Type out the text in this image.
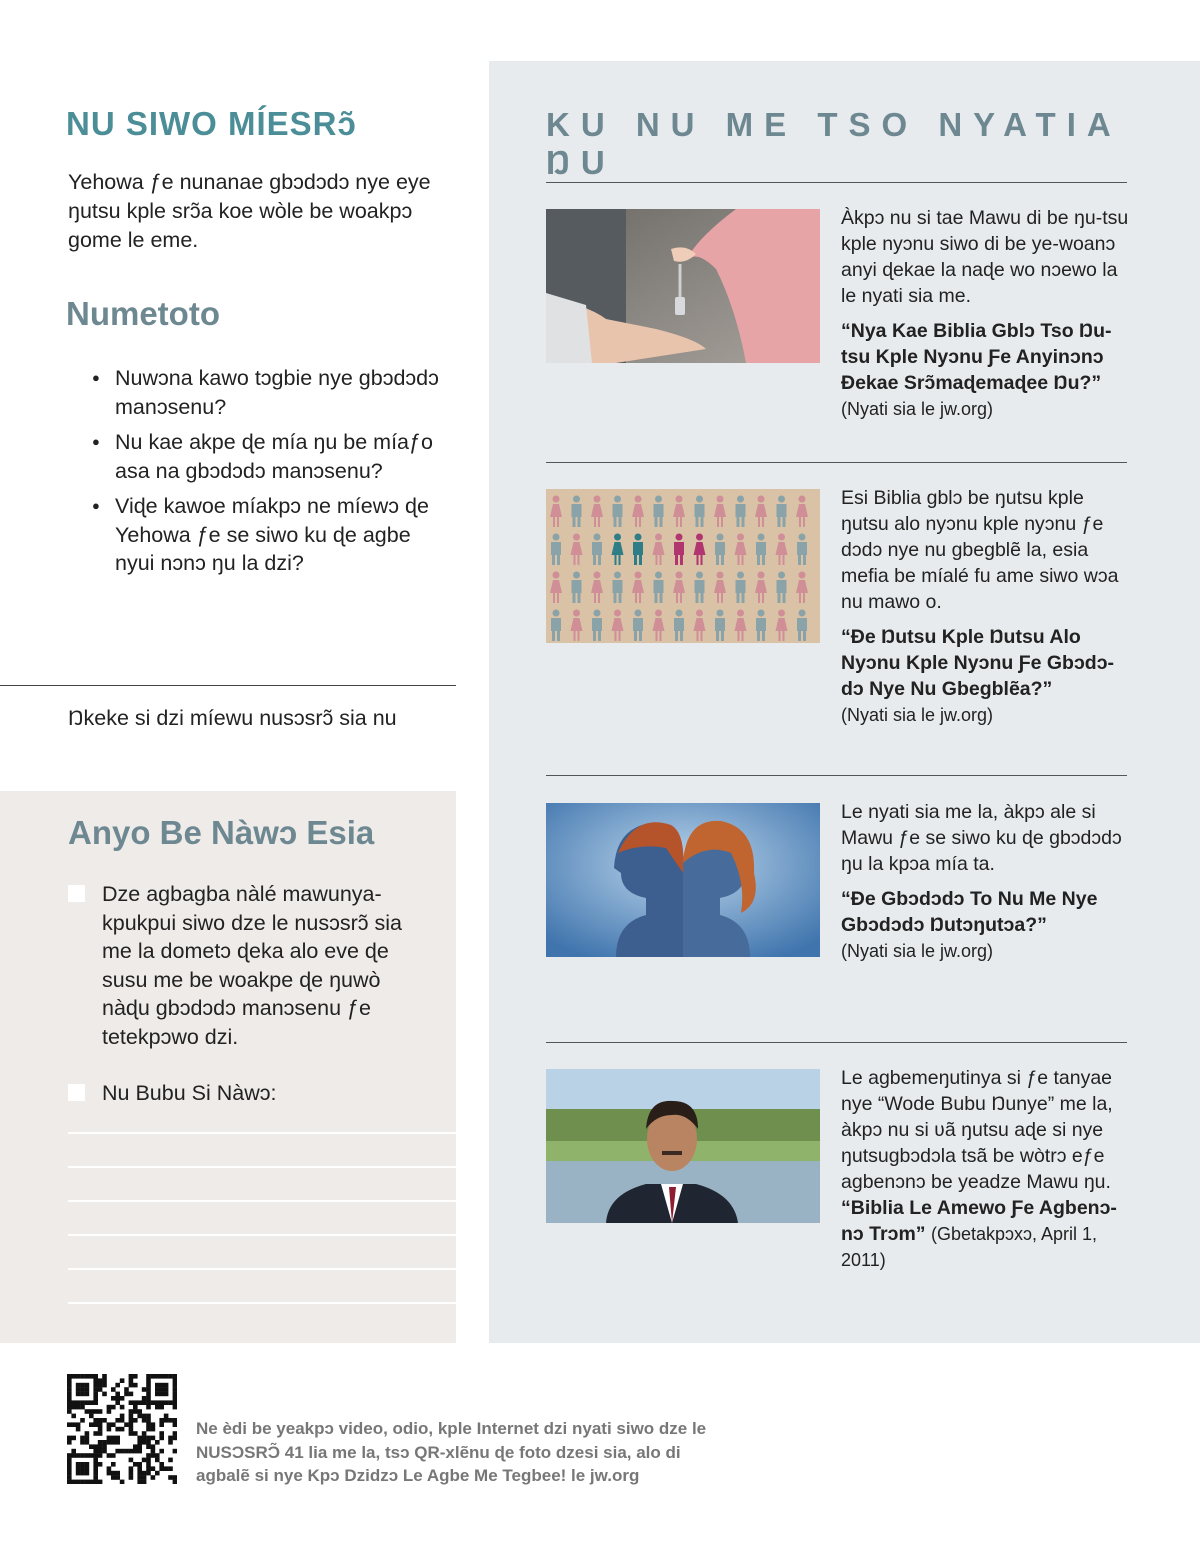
NU SIWO MÍESRɔ̃
Yehowa ƒe nunanae gbɔdɔdɔ nye eye ŋutsu kple srɔ̃a koe wòle be woakpɔ gome le eme.
Numetoto
● Nuwɔna kawo tɔgbie nye gbɔdɔdɔ manɔsenu?
● Nu kae akpe ɖe mía ŋu be míaƒo asa na gbɔdɔdɔ manɔsenu?
● Viɖe kawoe míakpɔ ne míewɔ ɖe Yehowa ƒe se siwo ku ɖe agbe nyui nɔnɔ ŋu la dzi?
Ŋkeke si dzi míewu nusɔsrɔ̃ sia nu
Anyo Be Nàwɔ Esia
Dze agbagba nàlé mawunya-kpukpui siwo dze le nusɔsrɔ̃ sia me la dometɔ ɖeka alo eve ɖe susu me be woakpe ɖe ŋuwò nàɖu gbɔdɔdɔ manɔsenu ƒe tetekpɔwo dzi.
Nu Bubu Si Nàwɔ:
KU NU ME TSO NYATIA ŊU
Àkpɔ nu si tae Mawu di be ŋu-tsu kple nyɔnu siwo di be ye-woanɔ anyi ɖekae la naɖe wo nɔewo la le nyati sia me.
“Nya Kae Biblia Gblɔ Tso Ŋu-tsu Kple Nyɔnu Ƒe Anyinɔnɔ Ɖekae Srɔ̃maɖemaɖee Ŋu?”
(Nyati sia le jw.org)
Esi Biblia gblɔ be ŋutsu kple ŋutsu alo nyɔnu kple nyɔnu ƒe dɔdɔ nye nu gbegblẽ la, esia mefia be míalé fu ame siwo wɔa nu mawo o.
“Ɖe Ŋutsu Kple Ŋutsu Alo Nyɔnu Kple Nyɔnu Ƒe Gbɔdɔ-dɔ Nye Nu Gbegblẽa?”
(Nyati sia le jw.org)
Le nyati sia me la, àkpɔ ale si Mawu ƒe se siwo ku ɖe gbɔdɔdɔ ŋu la kpɔa mía ta.
“Ɖe Gbɔdɔdɔ To Nu Me Nye Gbɔdɔdɔ Ŋutɔŋutɔa?”
(Nyati sia le jw.org)
Le agbemeŋutinya si ƒe tanyae nye “Wode Bubu Ŋunye” me la, àkpɔ nu si ʋã ŋutsu aɖe si nye ŋutsugbɔdɔla tsã be wòtrɔ eƒe agbenɔnɔ be yeadze Mawu ŋu. “Biblia Le Amewo Ƒe Agbenɔ-nɔ Trɔm” (Gbetakpɔxɔ, April 1, 2011)
Ne èdi be yeakpɔ video, odio, kple Internet dzi nyati siwo dze le NUSƆSRƆ̃ 41 lia me la, tsɔ QR-xlẽnu ɖe foto dzesi sia, alo di agbalẽ si nye Kpɔ Dzidzɔ Le Agbe Me Tegbee! le jw.org
